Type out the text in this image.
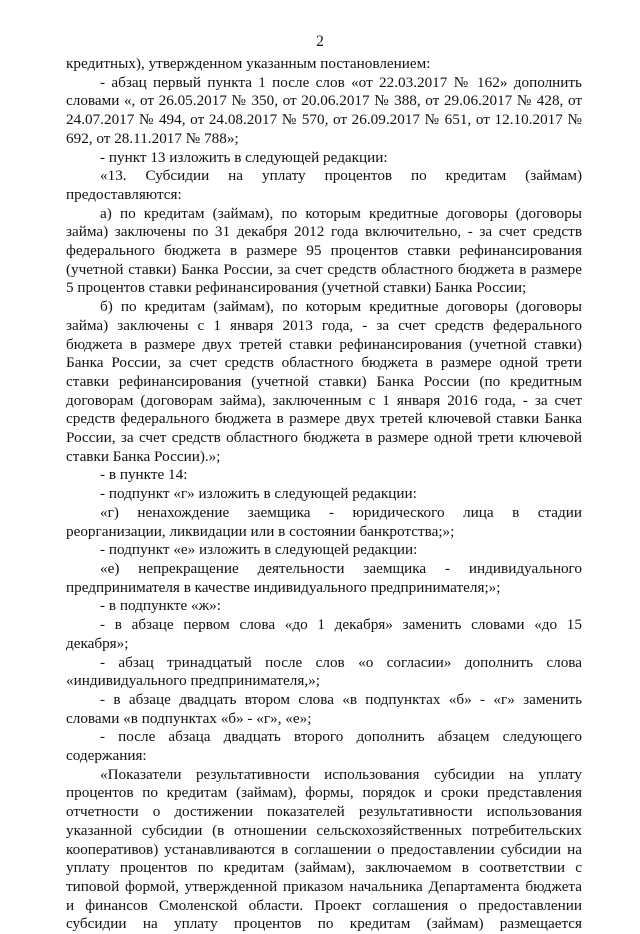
2

кредитных), утвержденном указанным постановлением:

- абзац первый пункта 1 после слов «от 22.03.2017 № 162» дополнить словами «, от 26.05.2017 № 350, от 20.06.2017 № 388, от 29.06.2017 № 428, от 24.07.2017 № 494, от 24.08.2017 № 570, от 26.09.2017 № 651, от 12.10.2017 № 692, от 28.11.2017 № 788»;

- пункт 13 изложить в следующей редакции:

«13. Субсидии на уплату процентов по кредитам (займам) предоставляются:

а) по кредитам (займам), по которым кредитные договоры (договоры займа) заключены по 31 декабря 2012 года включительно, - за счет средств федерального бюджета в размере 95 процентов ставки рефинансирования (учетной ставки) Банка России, за счет средств областного бюджета в размере 5 процентов ставки рефинансирования (учетной ставки) Банка России;

б) по кредитам (займам), по которым кредитные договоры (договоры займа) заключены с 1 января 2013 года, - за счет средств федерального бюджета в размере двух третей ставки рефинансирования (учетной ставки) Банка России, за счет средств областного бюджета в размере одной трети ставки рефинансирования (учетной ставки) Банка России (по кредитным договорам (договорам займа), заключенным с 1 января 2016 года, - за счет средств федерального бюджета в размере двух третей ключевой ставки Банка России, за счет средств областного бюджета в размере одной трети ключевой ставки Банка России).»;

- в пункте 14:

- подпункт «г» изложить в следующей редакции:

«г) ненахождение заемщика - юридического лица в стадии реорганизации, ликвидации или в состоянии банкротства;»;

- подпункт «е» изложить в следующей редакции:

«е) непрекращение деятельности заемщика - индивидуального предпринимателя в качестве индивидуального предпринимателя;»;

- в подпункте «ж»:

- в абзаце первом слова «до 1 декабря» заменить словами «до 15 декабря»;

- абзац тринадцатый после слов «о согласии» дополнить слова «индивидуального предпринимателя,»;

- в абзаце двадцать втором слова «в подпунктах «б» - «г» заменить словами «в подпунктах «б» - «г», «е»;

- после абзаца двадцать второго дополнить абзацем следующего содержания:

«Показатели результативности использования субсидии на уплату процентов по кредитам (займам), формы, порядок и сроки представления отчетности о достижении показателей результативности использования указанной субсидии (в отношении сельскохозяйственных потребительских кооперативов) устанавливаются в соглашении о предоставлении субсидии на уплату процентов по кредитам (займам), заключаемом в соответствии с типовой формой, утвержденной приказом начальника Департамента бюджета и финансов Смоленской области. Проект соглашения о предоставлении субсидии на уплату процентов по кредитам (займам) размещается
